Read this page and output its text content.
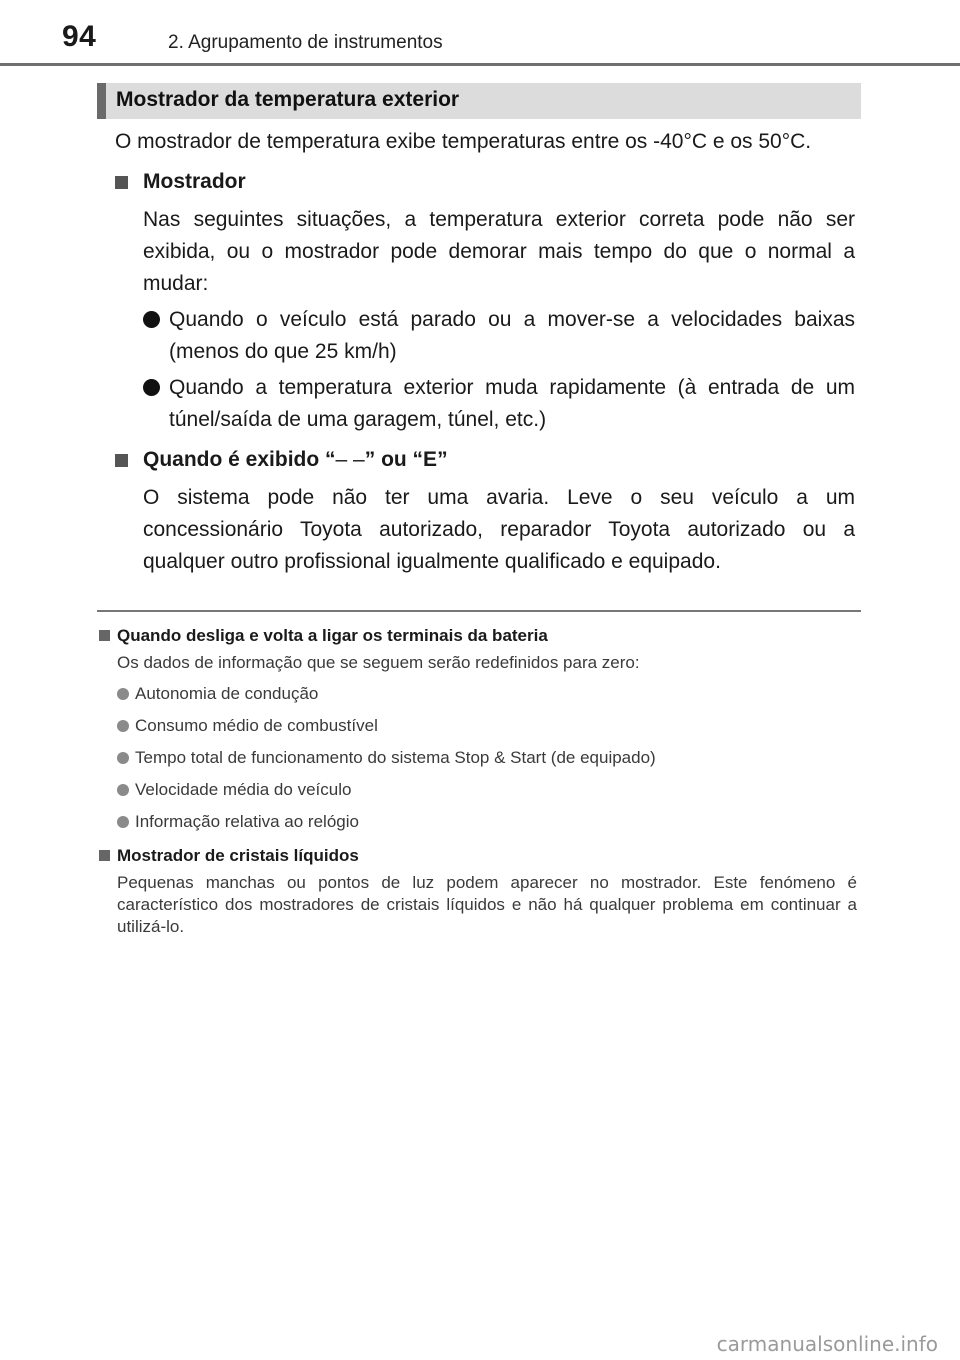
94	2. Agrupamento de instrumentos
Mostrador da temperatura exterior

O mostrador de temperatura exibe temperaturas entre os -40°C e os 50°C.

Mostrador

Nas seguintes situações, a temperatura exterior correta pode não ser exibida, ou o mostrador pode demorar mais tempo do que o normal a mudar:

Quando o veículo está parado ou a mover-se a velocidades baixas (menos do que 25 km/h)
Quando a temperatura exterior muda rapidamente (à entrada de um túnel/saída de uma garagem, túnel, etc.)
Quando é exibido “– –” ou “E”

O sistema pode não ter uma avaria. Leve o seu veículo a um concessionário Toyota autorizado, reparador Toyota autorizado ou a qualquer outro profissional igualmente qualificado e equipado.

Quando desliga e volta a ligar os terminais da bateria

Os dados de informação que se seguem serão redefinidos para zero:

Autonomia de condução
Consumo médio de combustível
Tempo total de funcionamento do sistema Stop & Start (de equipado)
Velocidade média do veículo
Informação relativa ao relógio
Mostrador de cristais líquidos

Pequenas manchas ou pontos de luz podem aparecer no mostrador. Este fenómeno é característico dos mostradores de cristais líquidos e não há qualquer problema em continuar a utilizá-lo.

carmanualsonline.info
